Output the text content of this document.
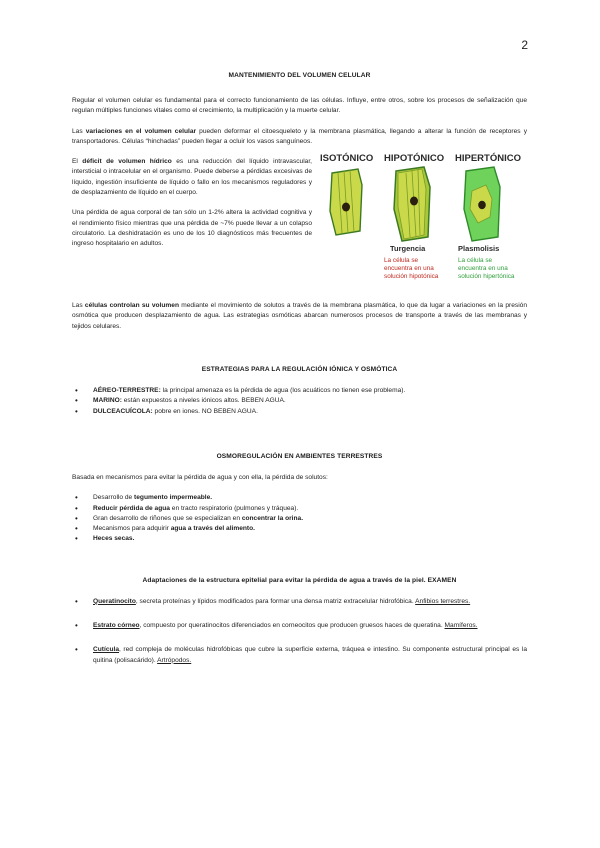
2
MANTENIMIENTO DEL VOLUMEN CELULAR

Regular el volumen celular es fundamental para el correcto funcionamiento de las células. Influye, entre otros, sobre los procesos de señalización que regulan múltiples funciones vitales como el crecimiento, la multiplicación y la muerte celular.

Las variaciones en el volumen celular pueden deformar el citoesqueleto y la membrana plasmática, llegando a alterar la función de receptores y transportadores. Células “hinchadas” pueden llegar a ocluir los vasos sanguíneos.

El déficit de volumen hídrico es una reducción del líquido intravascular, intersticial o intracelular en el organismo. Puede deberse a pérdidas excesivas de líquido, ingestión insuficiente de líquido o fallo en los mecanismos reguladores y de desplazamiento de líquido en el cuerpo.

Una pérdida de agua corporal de tan sólo un 1-2% altera la actividad cognitiva y el rendimiento físico mientras que una pérdida de ~7% puede llevar a un colapso circulatorio. La deshidratación es uno de los 10 diagnósticos más frecuentes de ingreso hospitalario en adultos.

ISOTÓNICO HIPOTÓNICO HIPERTÓNICO
Turgencia	Plasmolisis
La célula se
encuentra en una
solución hipotónica
La célula se
encuentra en una
solución hipertónica

Las células controlan su volumen mediante el movimiento de solutos a través de la membrana plasmática, lo que da lugar a variaciones en la presión osmótica que producen desplazamiento de agua. Las estrategias osmóticas abarcan numerosos procesos de transporte a través de las membranas y tejidos celulares.

ESTRATEGIAS PARA LA REGULACIÓN IÓNICA Y OSMÓTICA
• AÉREO-TERRESTRE: la principal amenaza es la pérdida de agua (los acuáticos no tienen ese problema).
• MARINO: están expuestos a niveles iónicos altos. BEBEN AGUA.
• DULCEACUÍCOLA: pobre en iones. NO BEBEN AGUA.
OSMOREGULACIÓN EN AMBIENTES TERRESTRES

Basada en mecanismos para evitar la pérdida de agua y con ella, la pérdida de solutos:

• Desarrollo de tegumento impermeable.
• Reducir pérdida de agua en tracto respiratorio (pulmones y tráquea).
• Gran desarrollo de riñones que se especializan en concentrar la orina.
• Mecanismos para adquirir agua a través del alimento.
• Heces secas.
Adaptaciones de la estructura epitelial para evitar la pérdida de agua a través de la piel. EXAMEN
• Queratinocito, secreta proteínas y lípidos modificados para formar una densa matriz extracelular hidrofóbica. Anfibios terrestres.
• Estrato córneo, compuesto por queratinocitos diferenciados en corneocitos que producen gruesos haces de queratina. Mamíferos.
• Cutícula, red compleja de moléculas hidrofóbicas que cubre la superficie externa, tráquea e intestino. Su componente estructural principal es la quitina (polisacárido). Artrópodos.
